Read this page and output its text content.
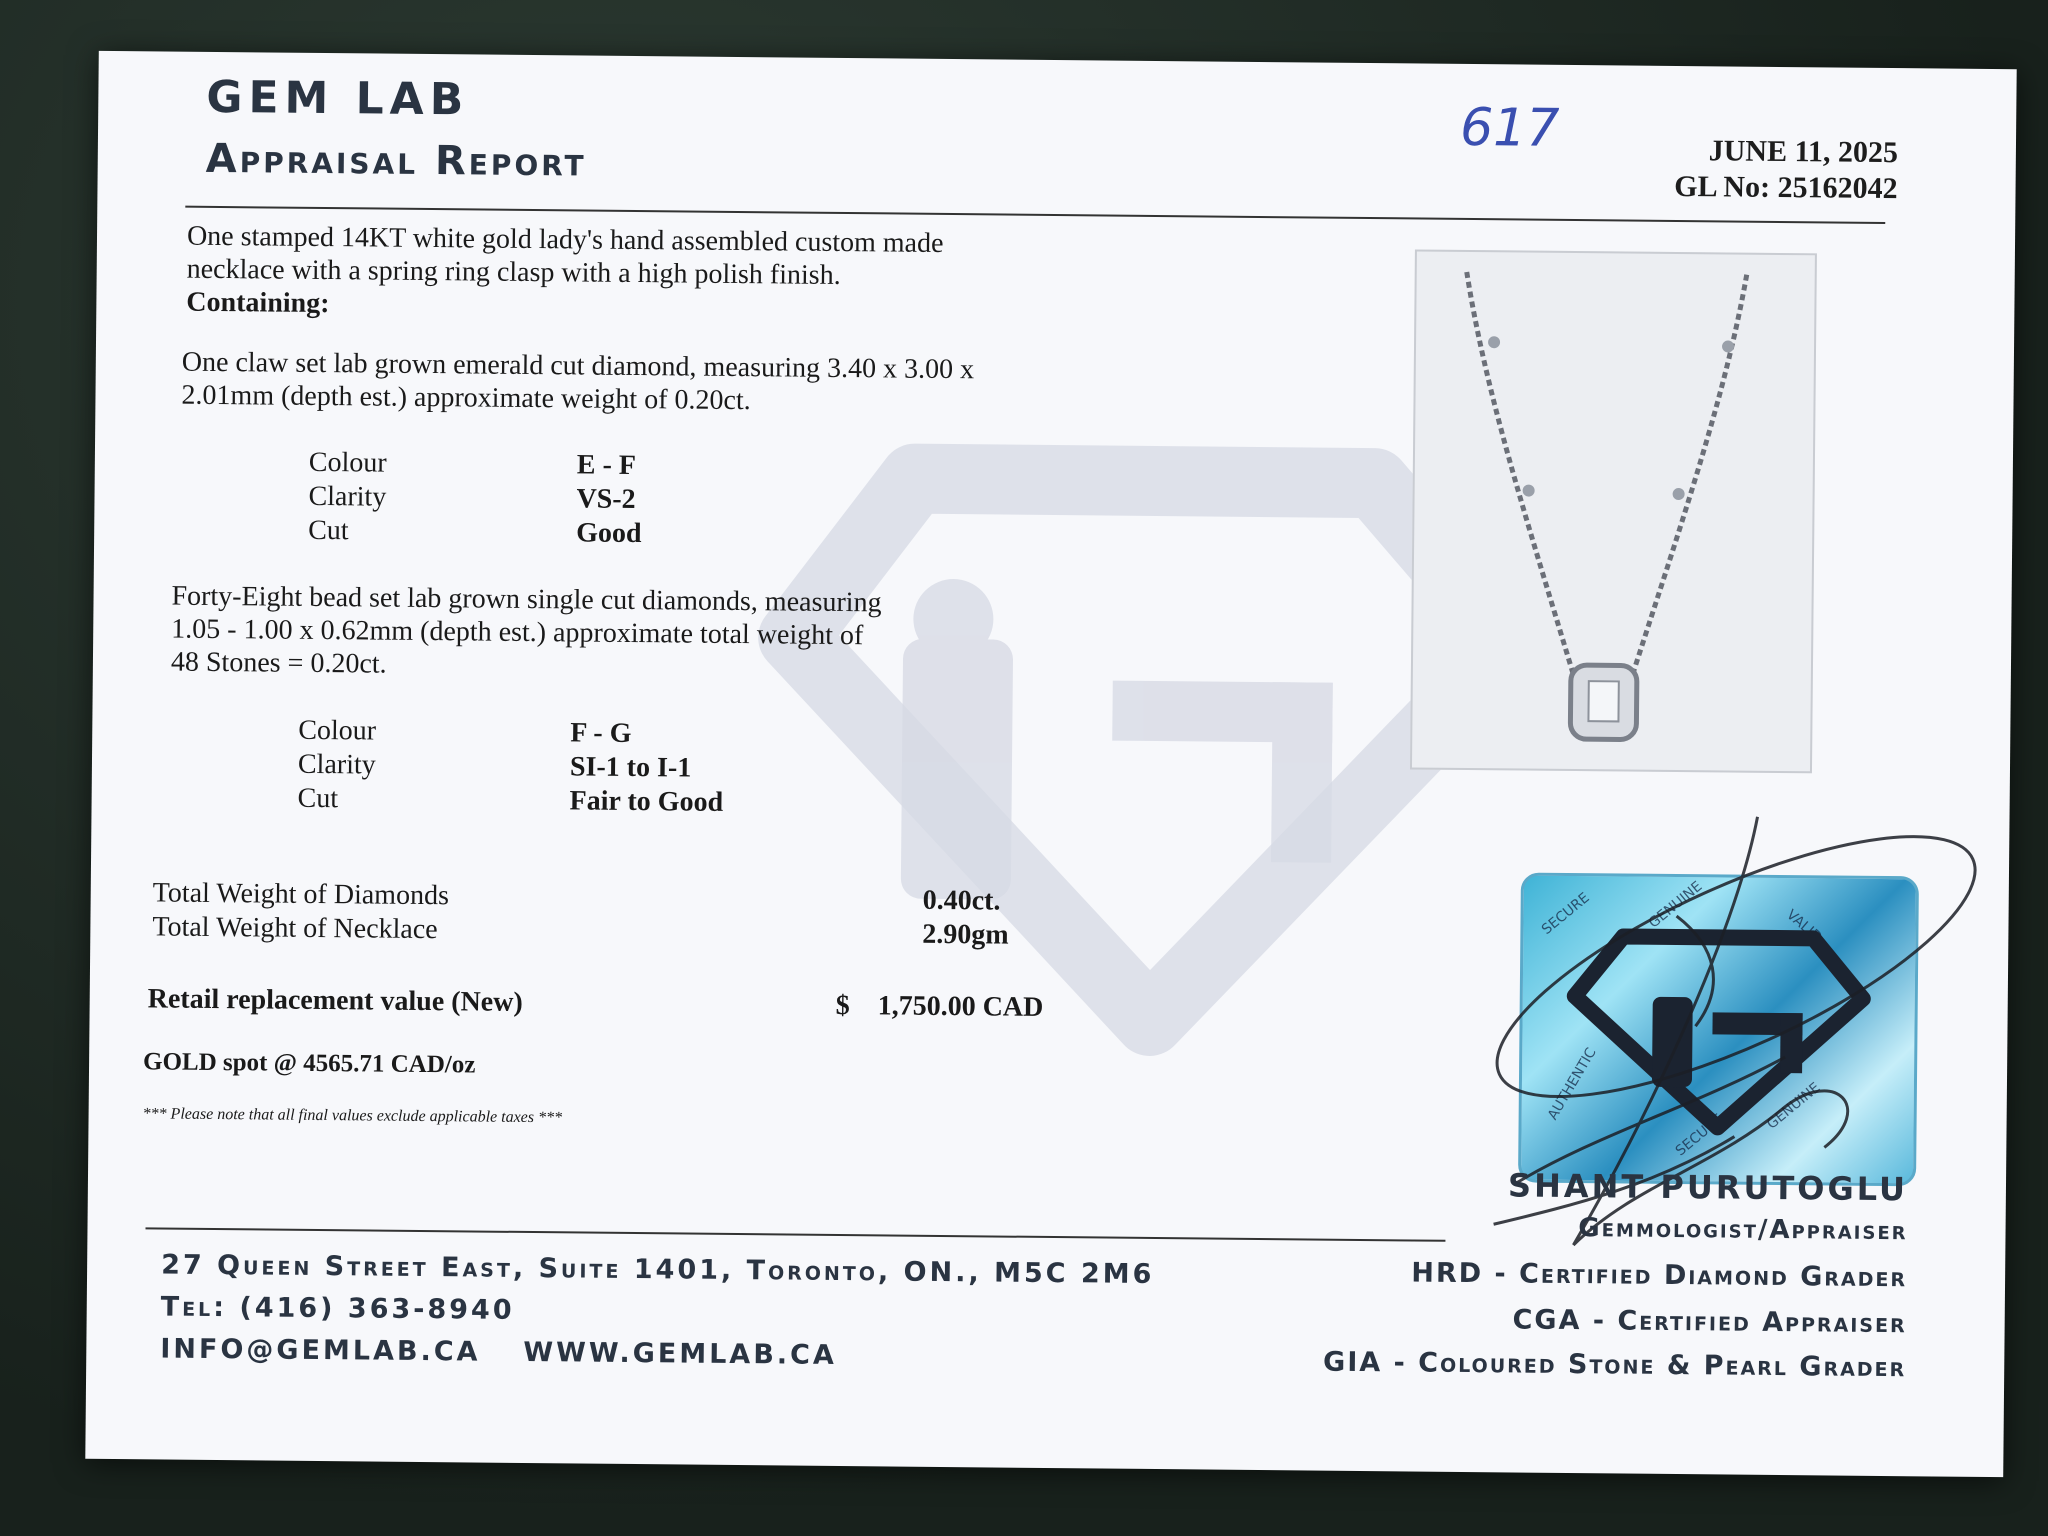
GEM LAB
Appraisal Report
617	JUNE 11, 2025
GL No: 25162042
One stamped 14KT white gold lady's hand assembled custom made
necklace with a spring ring clasp with a high polish finish.
Containing:
One claw set lab grown emerald cut diamond, measuring 3.40 x 3.00 x
2.01mm (depth est.) approximate weight of 0.20ct.
Colour	E - F
Clarity	VS-2
Cut	Good
Forty-Eight bead set lab grown single cut diamonds, measuring
1.05 - 1.00 x 0.62mm (depth est.) approximate total weight of
48 Stones = 0.20ct.
Colour	F - G
Clarity	SI-1 to I-1
Cut	Fair to Good
Total Weight of Diamonds	0.40ct.
Total Weight of Necklace	2.90gm
Retail replacement value (New)	$ 1,750.00 CAD
GOLD spot @ 4565.71 CAD/oz
*** Please note that all final values exclude applicable taxes ***
SECURE	GENUINE	VALID
AUTHENTIC	GENUINE
SECURE
SHANT PURUTOGLU
Gemmologist/Appraiser
27 Queen Street East, Suite 1401, Toronto, ON., M5C 2M6
Tel: (416) 363-8940
INFO@GEMLAB.CA WWW.GEMLAB.CA
HRD - Certified Diamond Grader
CGA - Certified Appraiser
GIA - Coloured Stone & Pearl Grader
